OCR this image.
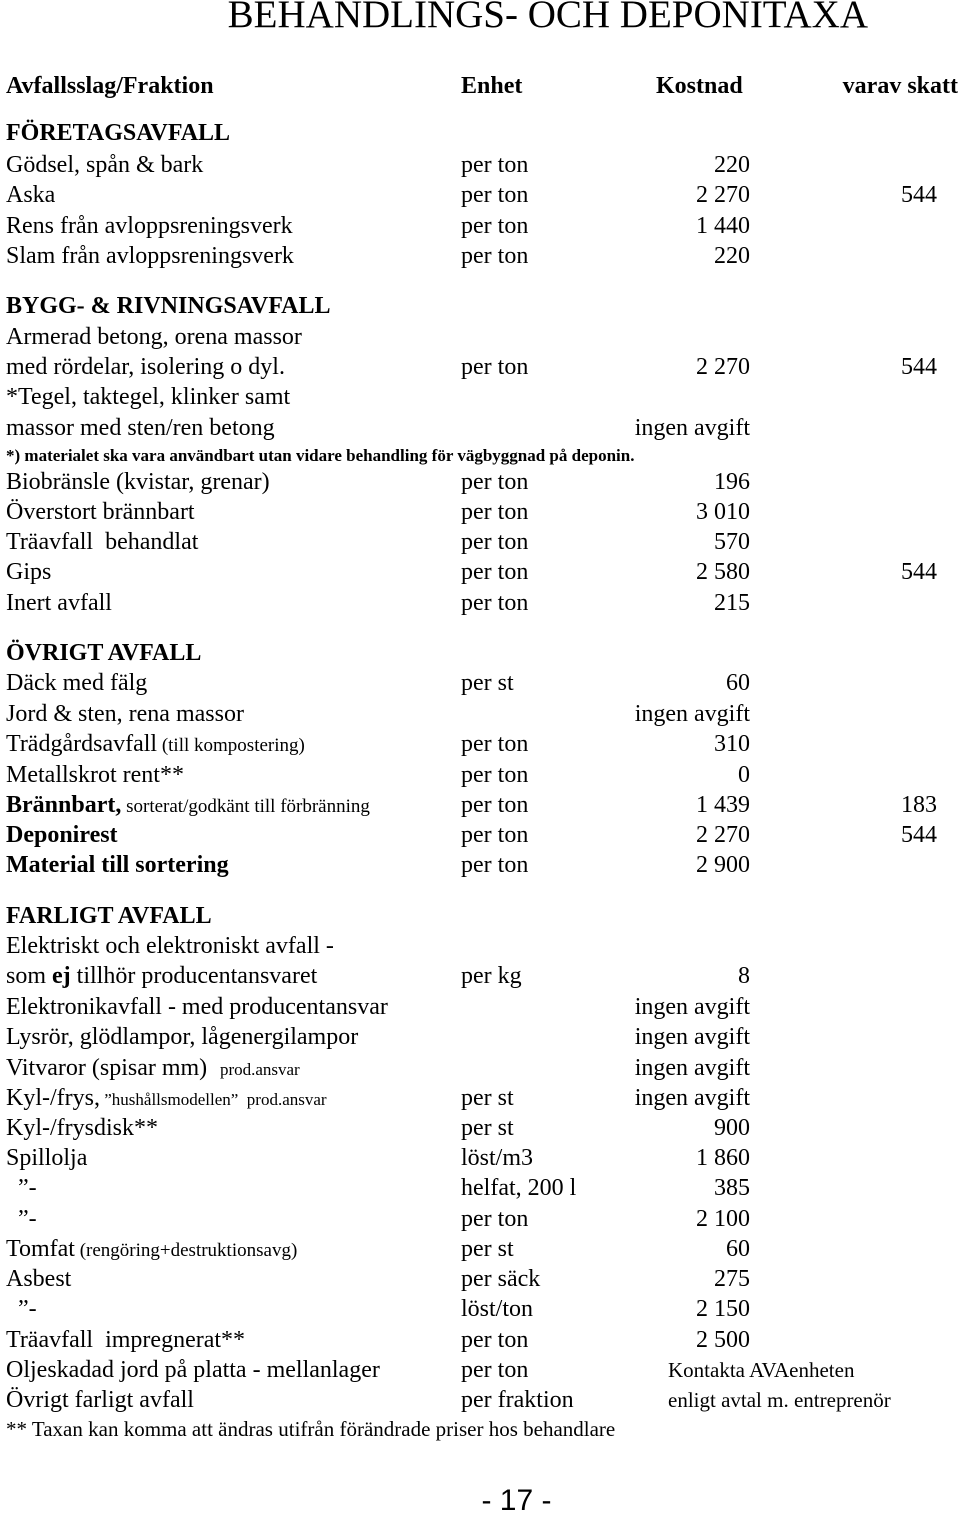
BEHANDLINGS- OCH DEPONITAXA
Avfallsslag/Fraktion	Enhet	Kostnad	varav skatt
FÖRETAGSAVFALL
Gödsel, spån & bark	per ton	220
Aska	per ton	2 270	544
Rens från avloppsreningsverk	per ton	1 440
Slam från avloppsreningsverk	per ton	220
BYGG- & RIVNINGSAVFALL
Armerad betong, orena massor
med rördelar, isolering o dyl.	per ton	2 270	544
*Tegel, taktegel, klinker samt
massor med sten/ren betong	ingen avgift
*) materialet ska vara användbart utan vidare behandling för vägbyggnad på deponin.
Biobränsle (kvistar, grenar)	per ton	196
Överstort brännbart	per ton	3 010
Träavfall  behandlat	per ton	570
Gips	per ton	2 580	544
Inert avfall	per ton	215
ÖVRIGT AVFALL
Däck med fälg	per st	60
Jord & sten, rena massor	ingen avgift
Trädgårdsavfall (till kompostering)	per ton	310
Metallskrot rent**	per ton	0
Brännbart, sorterat/godkänt till förbränning	per ton	1 439	183
Deponirest	per ton	2 270	544
Material till sortering	per ton	2 900
FARLIGT AVFALL
Elektriskt och elektroniskt avfall -
som ej tillhör producentansvaret	per kg	8
Elektronikavfall - med producentansvar	ingen avgift
Lysrör, glödlampor, lågenergilampor	ingen avgift
Vitvaror (spisar mm)   prod.ansvar	ingen avgift
Kyl-/frys, ”hushållsmodellen”  prod.ansvar	per st	ingen avgift
Kyl-/frysdisk**	per st	900
Spillolja	löst/m3	1 860
”-	helfat, 200 l	385
”-	per ton	2 100
Tomfat (rengöring+destruktionsavg)	per st	60
Asbest	per säck	275
”-	löst/ton	2 150
Träavfall  impregnerat**	per ton	2 500
Oljeskadad jord på platta - mellanlager	per ton	Kontakta AVAenheten
Övrigt farligt avfall	per fraktion	enligt avtal m. entreprenör
** Taxan kan komma att ändras utifrån förändrade priser hos behandlare
- 17 -
